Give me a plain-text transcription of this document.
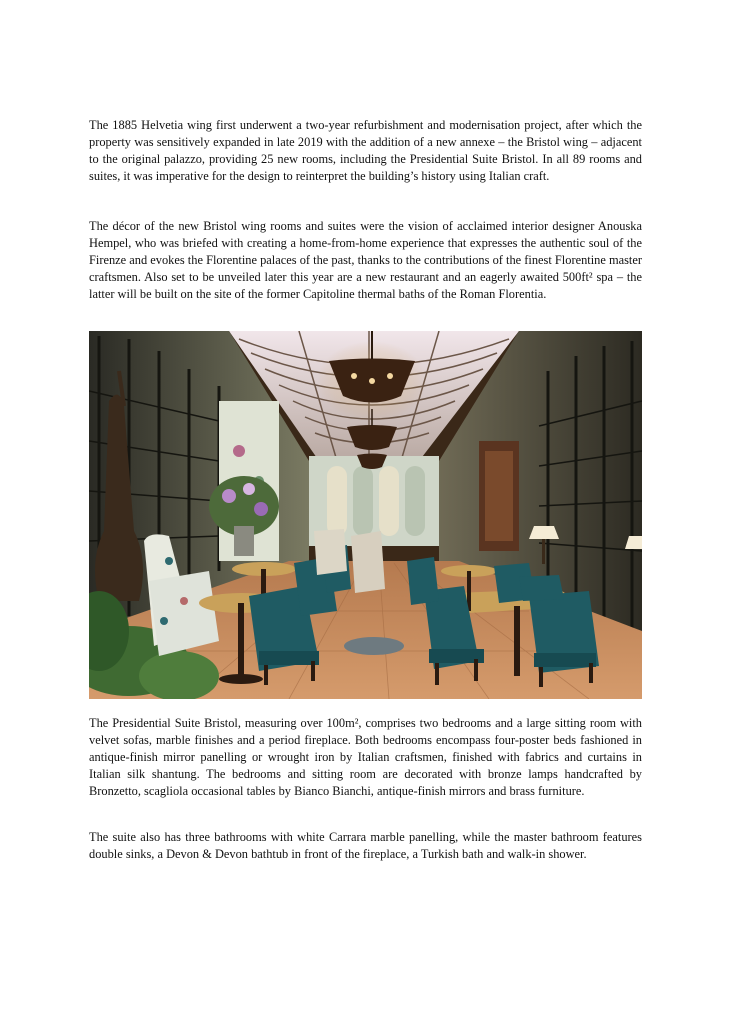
The 1885 Helvetia wing first underwent a two-year refurbishment and modernisation project, after which the property was sensitively expanded in late 2019 with the addition of a new annexe – the Bristol wing – adjacent to the original palazzo, providing 25 new rooms, including the Presidential Suite Bristol. In all 89 rooms and suites, it was imperative for the design to reinterpret the building’s history using Italian craft.

The décor of the new Bristol wing rooms and suites were the vision of acclaimed interior designer Anouska Hempel, who was briefed with creating a home-from-home experience that expresses the authentic soul of the Firenze and evokes the Florentine palaces of the past, thanks to the contributions of the finest Florentine master craftsmen. Also set to be unveiled later this year are a new restaurant and an eagerly awaited 500ft² spa – the latter will be built on the site of the former Capitoline thermal baths of the Roman Florentia.

The Presidential Suite Bristol, measuring over 100m², comprises two bedrooms and a large sitting room with velvet sofas, marble finishes and a period fireplace. Both bedrooms encompass four-poster beds fashioned in antique-finish mirror panelling or wrought iron by Italian craftsmen, finished with fabrics and curtains in Italian silk shantung. The bedrooms and sitting room are decorated with bronze lamps handcrafted by Bronzetto, scagliola occasional tables by Bianco Bianchi, antique-finish mirrors and brass furniture.

The suite also has three bathrooms with white Carrara marble panelling, while the master bathroom features double sinks, a Devon & Devon bathtub in front of the fireplace, a Turkish bath and walk-in shower.
